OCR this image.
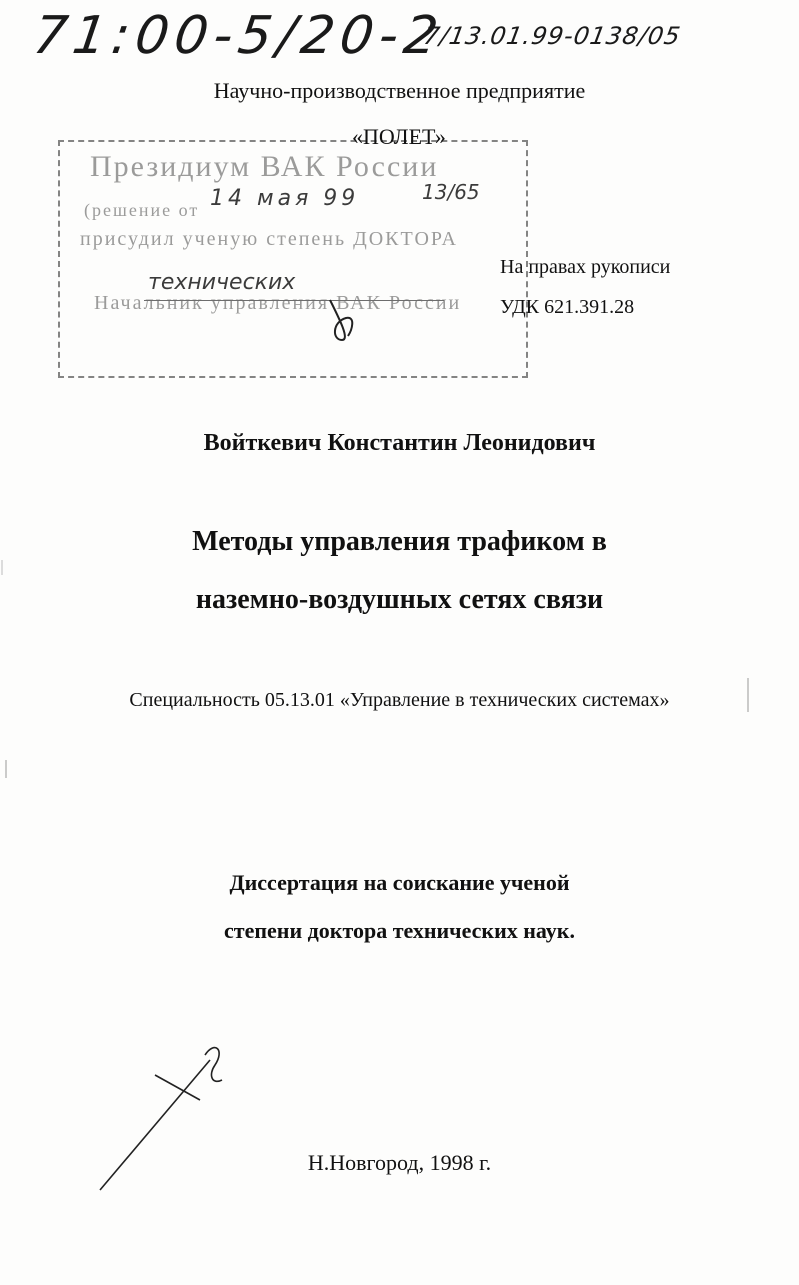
71:00-5/20-2
7/13.01.99-0138/05
Научно-производственное предприятие
Президиум ВАК России
(решение от
присудил ученую степень ДОКТОРА
Начальник управления ВАК России
14 мая 99	13/65
технических
«ПОЛЕТ»
На правах рукописи
УДК 621.391.28
Войткевич Константин Леонидович
Методы управления трафиком в
наземно-воздушных сетях связи
Специальность 05.13.01 «Управление в технических системах»
Диссертация на соискание ученой
степени доктора технических наук.
Н.Новгород, 1998 г.
